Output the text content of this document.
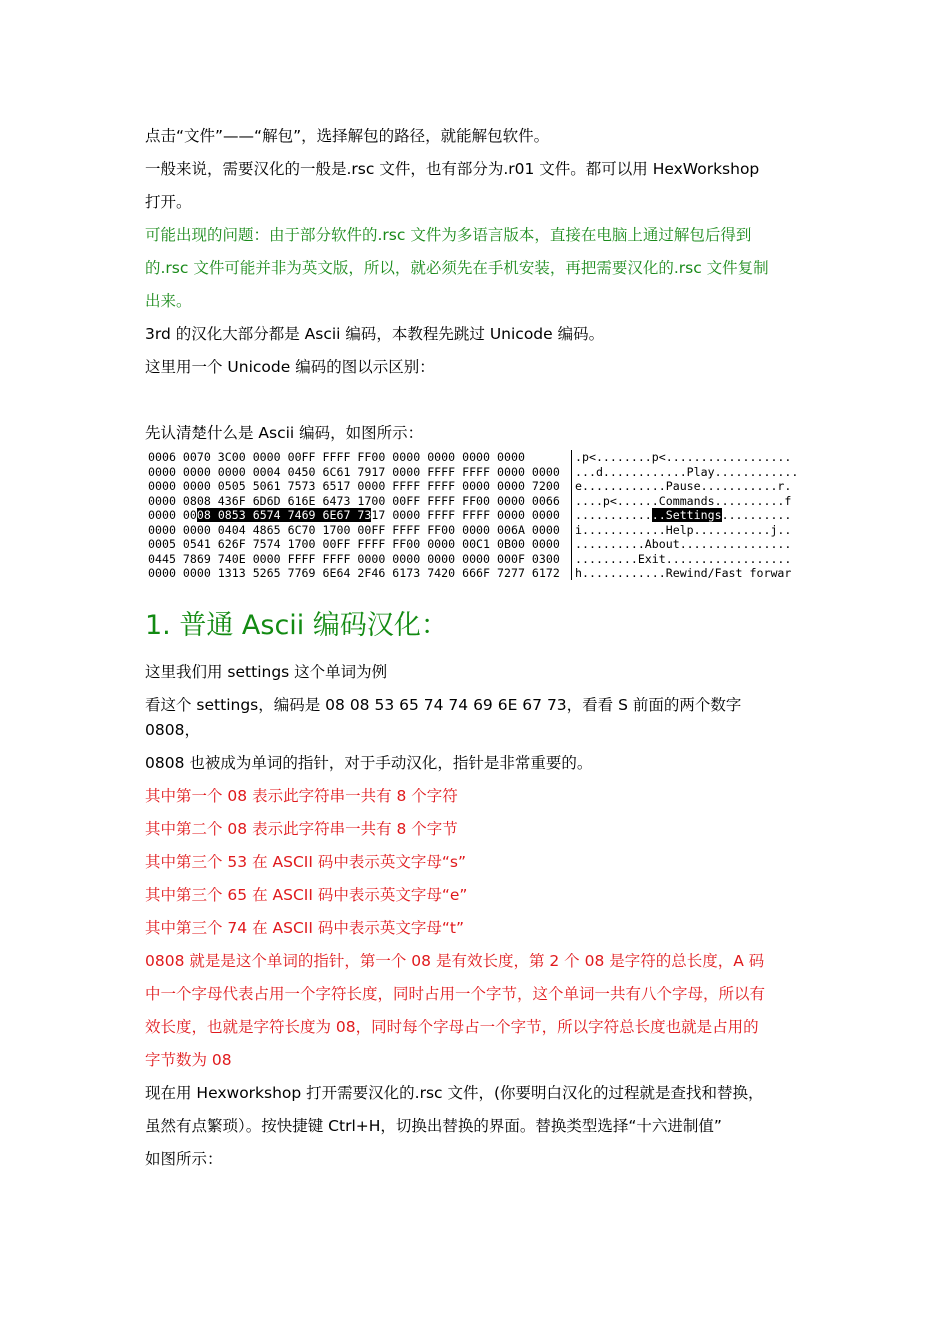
点击“文件”——“解包”，选择解包的路径，就能解包软件。
一般来说，需要汉化的一般是.rsc 文件，也有部分为.r01 文件。都可以用 HexWorkshop
打开。
可能出现的问题：由于部分软件的.rsc 文件为多语言版本，直接在电脑上通过解包后得到
的.rsc 文件可能并非为英文版，所以，就必须先在手机安装，再把需要汉化的.rsc 文件复制
出来。
3rd 的汉化大部分都是 Ascii 编码，本教程先跳过 Unicode 编码。
这里用一个 Unicode 编码的图以示区别：
先认清楚什么是 Ascii 编码，如图所示：
0006 0070 3C00 0000 00FF FFFF FF00 0000 0000 0000 0000	.p<........p<..................
0000 0000 0000 0004 0450 6C61 7917 0000 FFFF FFFF 0000 0000 ...d............Play............
0000 0000 0505 5061 7573 6517 0000 FFFF FFFF 0000 0000 7200 e............Pause...........r.
0000 0808 436F 6D6D 616E 6473 1700 00FF FFFF FF00 0000 0066 ....p<......Commands..........f
0000 0008 0853 6574 7469 6E67 7317 0000 FFFF FFFF 0000 0000 .............Settings..........
0000 0000 0404 4865 6C70 1700 00FF FFFF FF00 0000 006A 0000 i............Help...........j..
0005 0541 626F 7574 1700 00FF FFFF FF00 0000 00C1 0B00 0000 ..........About................
0445 7869 740E 0000 FFFF FFFF 0000 0000 0000 0000 000F 0300 .........Exit..................
0000 0000 1313 5265 7769 6E64 2F46 6173 7420 666F 7277 6172 h............Rewind/Fast forwar
1. 普通 Ascii 编码汉化：
这里我们用 settings 这个单词为例
看这个 settings，编码是 08 08 53 65 74 74 69 6E 67 73，看看 S 前面的两个数字
0808，
0808 也被成为单词的指针，对于手动汉化，指针是非常重要的。
其中第一个 08 表示此字符串一共有 8 个字符
其中第二个 08 表示此字符串一共有 8 个字节
其中第三个 53 在 ASCII 码中表示英文字母“s”
其中第三个 65 在 ASCII 码中表示英文字母“e”
其中第三个 74 在 ASCII 码中表示英文字母“t”
0808 就是是这个单词的指针，第一个 08 是有效长度，第 2 个 08 是字符的总长度，A 码
中一个字母代表占用一个字符长度，同时占用一个字节，这个单词一共有八个字母，所以有
效长度，也就是字符长度为 08，同时每个字母占一个字节，所以字符总长度也就是占用的
字节数为 08
现在用 Hexworkshop 打开需要汉化的.rsc 文件，(你要明白汉化的过程就是查找和替换，
虽然有点繁琐）。按快捷键 Ctrl+H，切换出替换的界面。替换类型选择“十六进制值”
如图所示：
